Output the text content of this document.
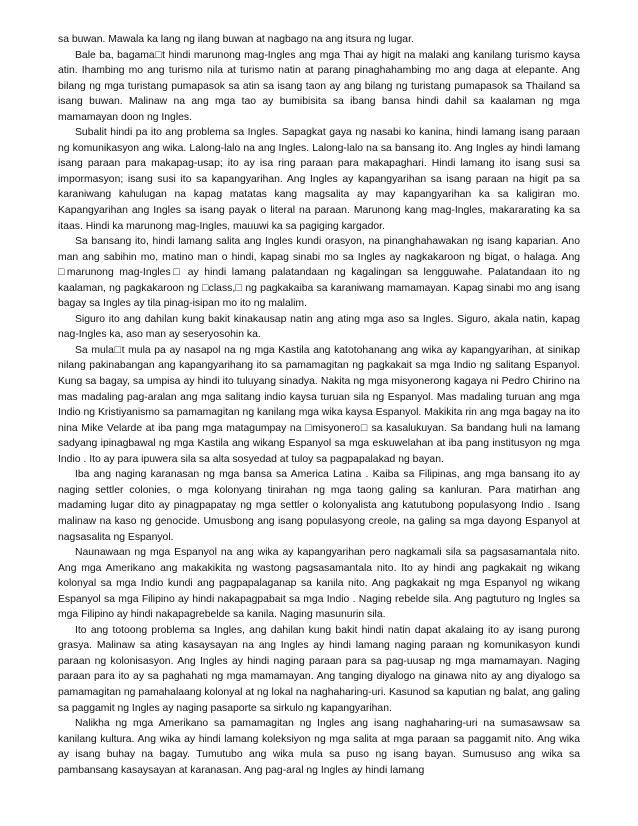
sa buwan. Mawala ka lang ng ilang buwan at nagbago na ang itsura ng lugar.

Bale ba, bagama□t hindi marunong mag-Ingles ang mga Thai ay higit na malaki ang kanilang turismo kaysa atin. Ihambing mo ang turismo nila at turismo natin at parang pinaghahambing mo ang daga at elepante. Ang bilang ng mga turistang pumapasok sa atin sa isang taon ay ang bilang ng turistang pumapasok sa Thailand sa isang buwan. Malinaw na ang mga tao ay bumibisita sa ibang bansa hindi dahil sa kaalaman ng mga mamamayan doon ng Ingles.

Subalit hindi pa ito ang problema sa Ingles. Sapagkat gaya ng nasabi ko kanina, hindi lamang isang paraan ng komunikasyon ang wika. Lalong-lalo na ang Ingles. Lalong-lalo na sa bansang ito. Ang Ingles ay hindi lamang isang paraan para makapag-usap; ito ay isa ring paraan para makapaghari. Hindi lamang ito isang susi sa impormasyon; isang susi ito sa kapangyarihan. Ang Ingles ay kapangyarihan sa isang paraan na higit pa sa karaniwang kahulugan na kapag matatas kang magsalita ay may kapangyarihan ka sa kaligiran mo. Kapangyarihan ang Ingles sa isang payak o literal na paraan. Marunong kang mag-Ingles, makararating ka sa itaas. Hindi ka marunong mag-Ingles, mauuwi ka sa pagiging kargador.

Sa bansang ito, hindi lamang salita ang Ingles kundi orasyon, na pinanghahawakan ng isang kaparian. Ano man ang sabihin mo, matino man o hindi, kapag sinabi mo sa Ingles ay nagkakaroon ng bigat, o halaga. Ang □marunong mag-Ingles□ ay hindi lamang palatandaan ng kagalingan sa lengguwahe. Palatandaan ito ng kaalaman, ng pagkakaroon ng □class,□ ng pagkakaiba sa karaniwang mamamayan. Kapag sinabi mo ang isang bagay sa Ingles ay tila pinag-isipan mo ito ng malalim.

Siguro ito ang dahilan kung bakit kinakausap natin ang ating mga aso sa Ingles. Siguro, akala natin, kapag nag-Ingles ka, aso man ay seseryosohin ka.

Sa mula□t mula pa ay nasapol na ng mga Kastila ang katotohanang ang wika ay kapangyarihan, at sinikap nilang pakinabangan ang kapangyarihang ito sa pamamagitan ng pagkakait sa mga Indio ng salitang Espanyol. Kung sa bagay, sa umpisa ay hindi ito tuluyang sinadya. Nakita ng mga misyonerong kagaya ni Pedro Chirino na mas madaling pag-aralan ang mga salitang indio kaysa turuan sila ng Espanyol. Mas madaling turuan ang mga Indio ng Kristiyanismo sa pamamagitan ng kanilang mga wika kaysa Espanyol. Makikita rin ang mga bagay na ito nina Mike Velarde at iba pang mga matagumpay na □misyonero□ sa kasalukuyan. Sa bandang huli na lamang sadyang ipinagbawal ng mga Kastila ang wikang Espanyol sa mga eskuwelahan at iba pang institusyon ng mga Indio . Ito ay para ipuwera sila sa alta sosyedad at tuloy sa pagpapalakad ng bayan.

Iba ang naging karanasan ng mga bansa sa America Latina . Kaiba sa Filipinas, ang mga bansang ito ay naging settler colonies, o mga kolonyang tinirahan ng mga taong galing sa kanluran. Para matirhan ang madaming lugar dito ay pinagpapatay ng mga settler o kolonyalista ang katutubong populasyong Indio . Isang malinaw na kaso ng genocide. Umusbong ang isang populasyong creole, na galing sa mga dayong Espanyol at nagsasalita ng Espanyol.

Naunawaan ng mga Espanyol na ang wika ay kapangyarihan pero nagkamali sila sa pagsasamantala nito. Ang mga Amerikano ang makakikita ng wastong pagsasamantala nito. Ito ay hindi ang pagkakait ng wikang kolonyal sa mga Indio kundi ang pagpapalaganap sa kanila nito. Ang pagkakait ng mga Espanyol ng wikang Espanyol sa mga Filipino ay hindi nakapagpabait sa mga Indio . Naging rebelde sila. Ang pagtuturo ng Ingles sa mga Filipino ay hindi nakapagrebelde sa kanila. Naging masunurin sila.

Ito ang totoong problema sa Ingles, ang dahilan kung bakit hindi natin dapat akalaing ito ay isang purong grasya. Malinaw sa ating kasaysayan na ang Ingles ay hindi lamang naging paraan ng komunikasyon kundi paraan ng kolonisasyon. Ang Ingles ay hindi naging paraan para sa pag-uusap ng mga mamamayan. Naging paraan para ito ay sa paghahati ng mga mamamayan. Ang tanging diyalogo na ginawa nito ay ang diyalogo sa pamamagitan ng pamahalaang kolonyal at ng lokal na naghaharing-uri. Kasunod sa kaputian ng balat, ang galing sa paggamit ng Ingles ay naging pasaporte sa sirkulo ng kapangyarihan.

Nalikha ng mga Amerikano sa pamamagitan ng Ingles ang isang naghaharing-uri na sumasawsaw sa kanilang kultura. Ang wika ay hindi lamang koleksiyon ng mga salita at mga paraan sa paggamit nito. Ang wika ay isang buhay na bagay. Tumutubo ang wika mula sa puso ng isang bayan. Sumususo ang wika sa pambansang kasaysayan at karanasan. Ang pag-aral ng Ingles ay hindi lamang
